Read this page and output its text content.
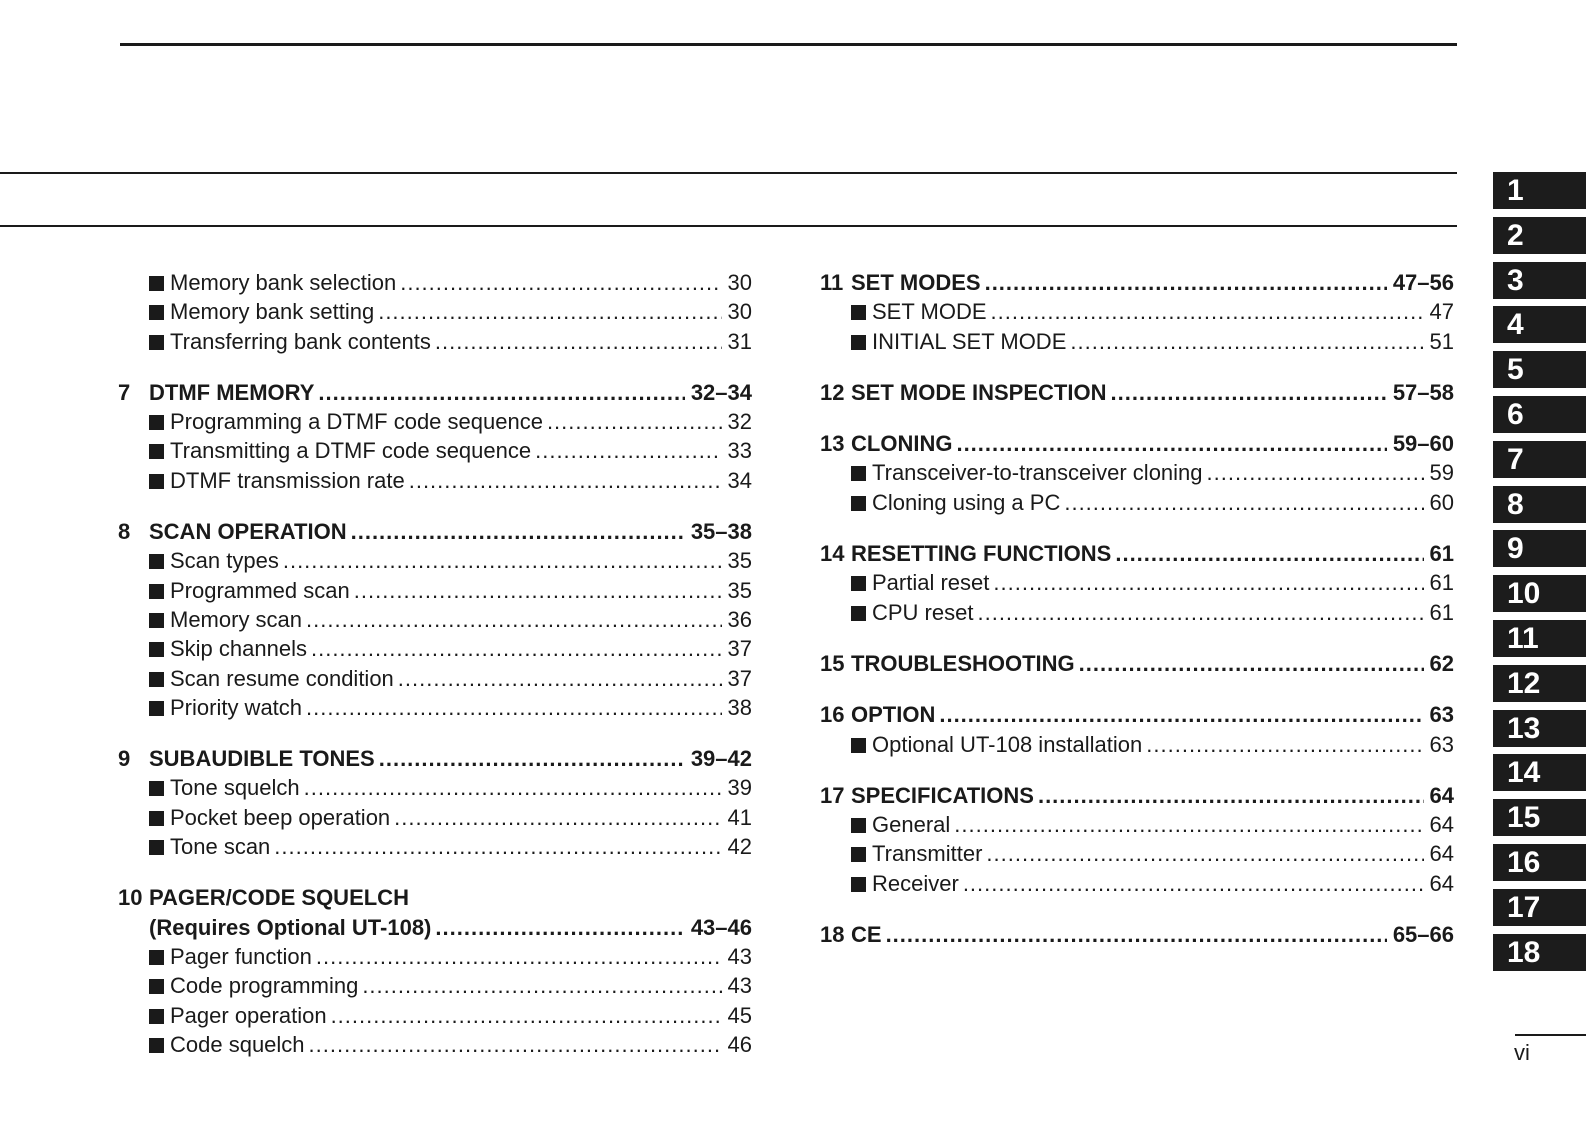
Memory bank selection .....	30
Memory bank setting .....	30
Transferring bank contents .....	31
7 DTMF MEMORY .....	32–34
Programming a DTMF code sequence .....	32
Transmitting a DTMF code sequence .....	33
DTMF transmission rate .....	34
8 SCAN OPERATION .....	35–38
Scan types .....	35
Programmed scan .....	35
Memory scan .....	36
Skip channels .....	37
Scan resume condition .....	37
Priority watch .....	38
9 SUBAUDIBLE TONES .....	39–42
Tone squelch .....	39
Pocket beep operation .....	41
Tone scan .....	42
10 PAGER/CODE SQUELCH
(Requires Optional UT-108) .....	43–46
Pager function .....	43
Code programming .....	43
Pager operation .....	45
Code squelch .....	46
11 SET MODES .....	47–56
SET MODE .....	47
INITIAL SET MODE .....	51
12 SET MODE INSPECTION .....	57–58
13 CLONING .....	59–60
Transceiver-to-transceiver cloning .....	59
Cloning using a PC .....	60
14 RESETTING FUNCTIONS .....	61
Partial reset .....	61
CPU reset .....	61
15 TROUBLESHOOTING .....	62
16 OPTION .....	63
Optional UT-108 installation .....	63
17 SPECIFICATIONS .....	64
General .....	64
Transmitter .....	64
Receiver .....	64
18 CE .....	65–66
1
2
3
4
5
6
7
8
9
10
11
12
13
14
15
16
17
18
vi
